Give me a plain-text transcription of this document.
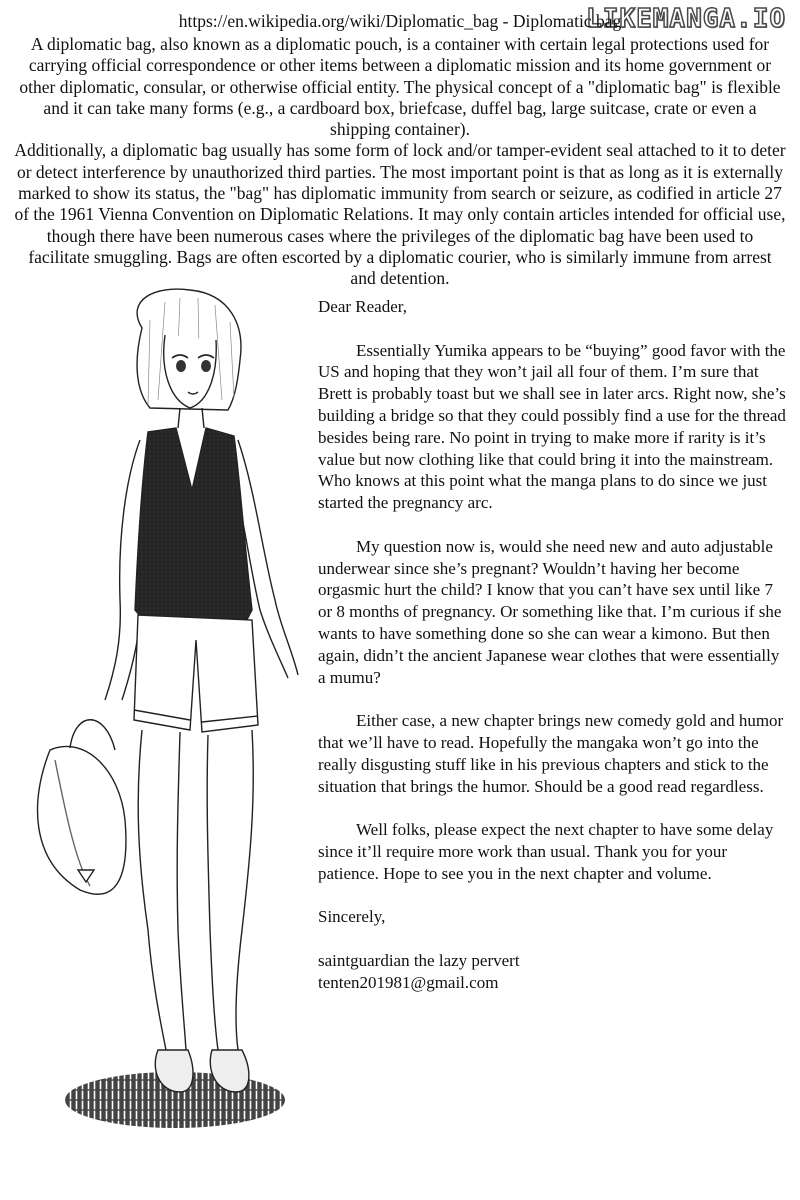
LIKEMANGA.IO
https://en.wikipedia.org/wiki/Diplomatic_bag - Diplomatic bag

A diplomatic bag, also known as a diplomatic pouch, is a container with certain legal protections used for carrying official correspondence or other items between a diplomatic mission and its home government or other diplomatic, consular, or otherwise official entity. The physical concept of a "diplomatic bag" is flexible and it can take many forms (e.g., a cardboard box, briefcase, duffel bag, large suitcase, crate or even a shipping container).

Additionally, a diplomatic bag usually has some form of lock and/or tamper-evident seal attached to it to deter or detect interference by unauthorized third parties. The most important point is that as long as it is externally marked to show its status, the "bag" has diplomatic immunity from search or seizure, as codified in article 27 of the 1961 Vienna Convention on Diplomatic Relations. It may only contain articles intended for official use, though there have been numerous cases where the privileges of the diplomatic bag have been used to facilitate smuggling. Bags are often escorted by a diplomatic courier, who is similarly immune from arrest and detention.

Dear Reader,

Essentially Yumika appears to be “buying” good favor with the US and hoping that they won’t jail all four of them. I’m sure that Brett is probably toast but we shall see in later arcs. Right now, she’s building a bridge so that they could possibly find a use for the thread besides being rare. No point in trying to make more if rarity is it’s value but now clothing like that could bring it into the mainstream. Who knows at this point what the manga plans to do since we just started the pregnancy arc.

My question now is, would she need new and auto adjustable underwear since she’s pregnant? Wouldn’t having her become orgasmic hurt the child? I know that you can’t have sex until like 7 or 8 months of pregnancy. Or something like that. I’m curious if she wants to have something done so she can wear a kimono. But then again, didn’t the ancient Japanese wear clothes that were essentially a mumu?

Either case, a new chapter brings new comedy gold and humor that we’ll have to read. Hopefully the mangaka won’t go into the really disgusting stuff like in his previous chapters and stick to the situation that brings the humor. Should be a good read regardless.

Well folks, please expect the next chapter to have some delay since it’ll require more work than usual. Thank you for your patience. Hope to see you in the next chapter and volume.

Sincerely,

saintguardian the lazy pervert

tenten201981@gmail.com
